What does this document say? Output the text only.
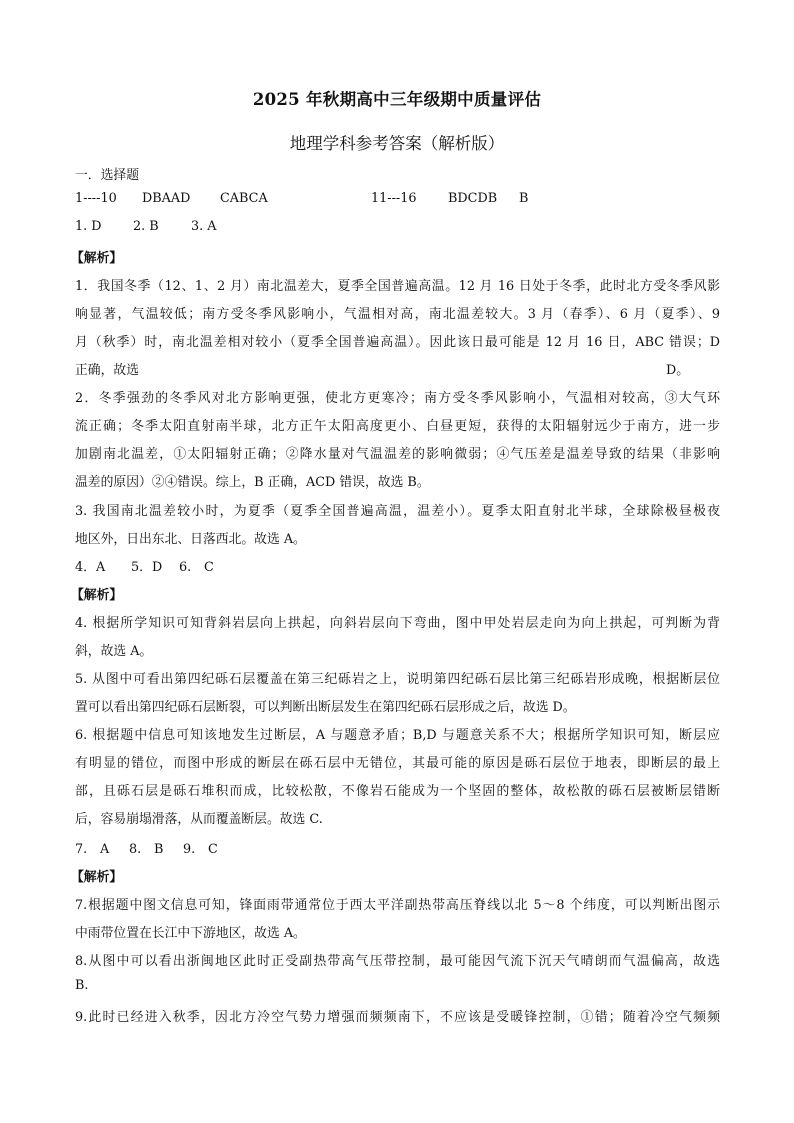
2025 年秋期高中三年级期中质量评估
地理学科参考答案（解析版）
一．选择题
1----10 DBAAD CABCA	11---16 BDCDB B
1. D 2. B	3. A
【解析】
1．我国冬季（12、1、2 月）南北温差大，夏季全国普遍高温。12 月 16 日处于冬季，此时北方受冬季风影
响显著，气温较低；南方受冬季风影响小，气温相对高，南北温差较大。3 月（春季）、6 月（夏季）、9
月（秋季）时，南北温差相对较小（夏季全国普遍高温）。因此该日最可能是 12 月 16 日，ABC 错误；D
正确，故选	D。
2．冬季强劲的冬季风对北方影响更强，使北方更寒冷；南方受冬季风影响小，气温相对较高，③大气环
流正确；冬季太阳直射南半球，北方正午太阳高度更小、白昼更短，获得的太阳辐射远少于南方，进一步
加剧南北温差，①太阳辐射正确；②降水量对气温温差的影响微弱；④气压差是温差导致的结果（非影响
温差的原因）②④错误。综上，B 正确，ACD 错误，故选 B。
3. 我国南北温差较小时，为夏季（夏季全国普遍高温，温差小）。夏季太阳直射北半球，全球除极昼极夜
地区外，日出东北、日落西北。故选 A。
4．A 5．D 6.　C
【解析】
4. 根据所学知识可知背斜岩层向上拱起，向斜岩层向下弯曲，图中甲处岩层走向为向上拱起，可判断为背
斜，故选 A。
5. 从图中可看出第四纪砾石层覆盖在第三纪砾岩之上，说明第四纪砾石层比第三纪砾岩形成晚，根据断层位
置可以看出第四纪砾石层断裂，可以判断出断层发生在第四纪砾石层形成之后，故选 D。
6. 根据题中信息可知该地发生过断层，A 与题意矛盾；B,D 与题意关系不大；根据所学知识可知，断层应
有明显的错位，而图中形成的断层在砾石层中无错位，其最可能的原因是砾石层位于地表，即断层的最上
部，且砾石层是砾石堆积而成，比较松散，不像岩石能成为一个坚固的整体，故松散的砾石层被断层错断
后，容易崩塌滑落，从而覆盖断层。故选 C.
7.　A 8.　B 9.　C
【解析】
7.根据题中图文信息可知，锋面雨带通常位于西太平洋副热带高压脊线以北 5～8 个纬度，可以判断出图示
中雨带位置在长江中下游地区，故选 A。
8.从图中可以看出浙闽地区此时正受副热带高气压带控制，最可能因气流下沉天气晴朗而气温偏高，故选
B.
9.此时已经进入秋季，因北方冷空气势力增强而频频南下，不应该是受暖锋控制，①错；随着冷空气频频
